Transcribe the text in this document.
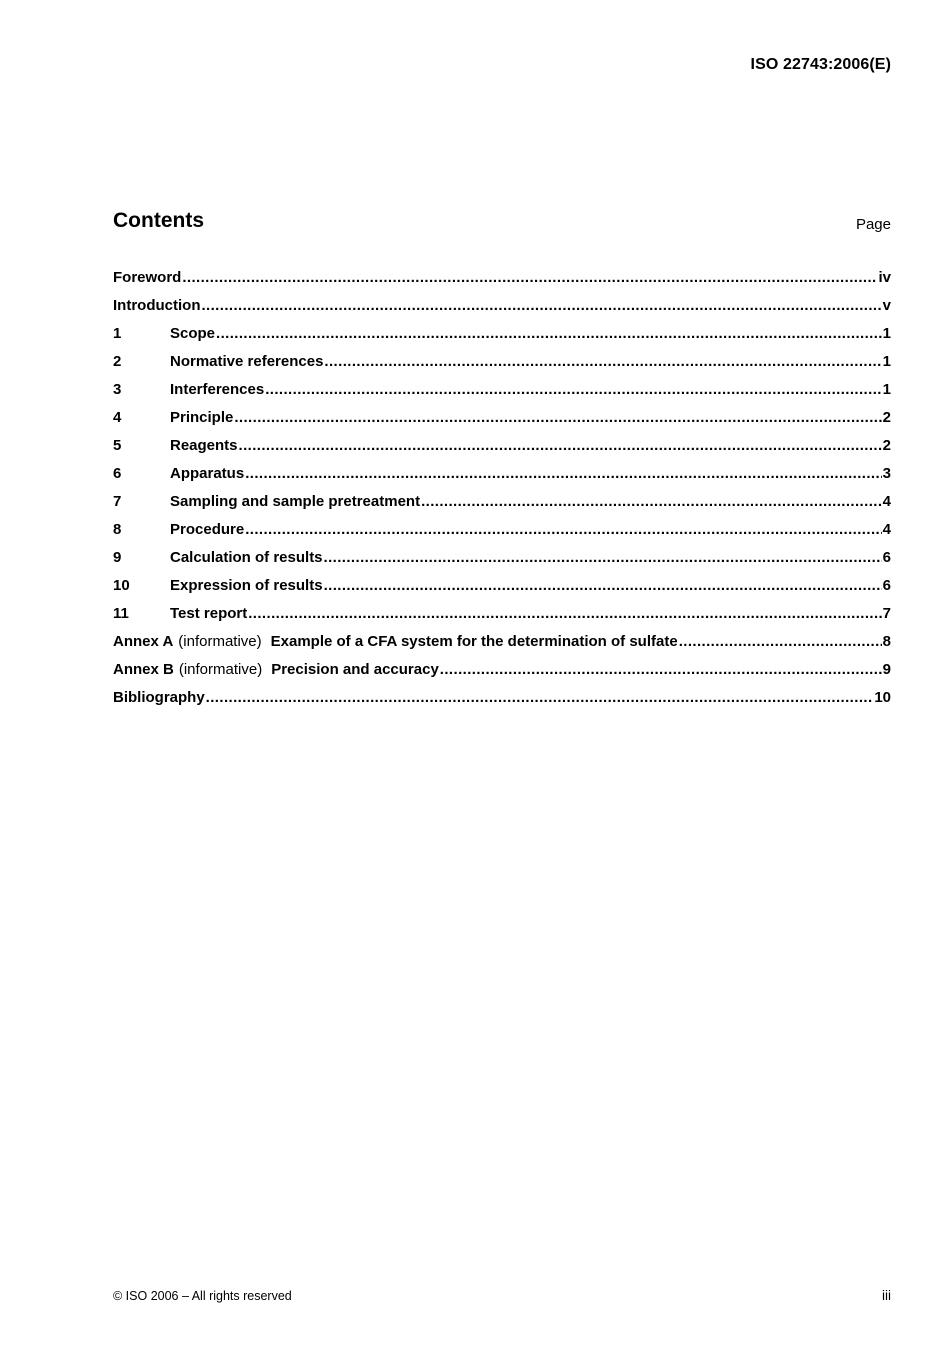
ISO 22743:2006(E)
Contents	Page
Foreword .....	iv
Introduction .....	v
1	Scope .....	1
2	Normative references .....	1
3	Interferences .....	1
4	Principle .....	2
5	Reagents .....	2
6	Apparatus .....	3
7	Sampling and sample pretreatment .....	4
8	Procedure .....	4
9	Calculation of results .....	6
10	Expression of results .....	6
11	Test report .....	7
Annex A (informative) Example of a CFA system for the determination of sulfate .....	8
Annex B (informative) Precision and accuracy .....	9
Bibliography .....	10
© ISO 2006 – All rights reserved	iii
